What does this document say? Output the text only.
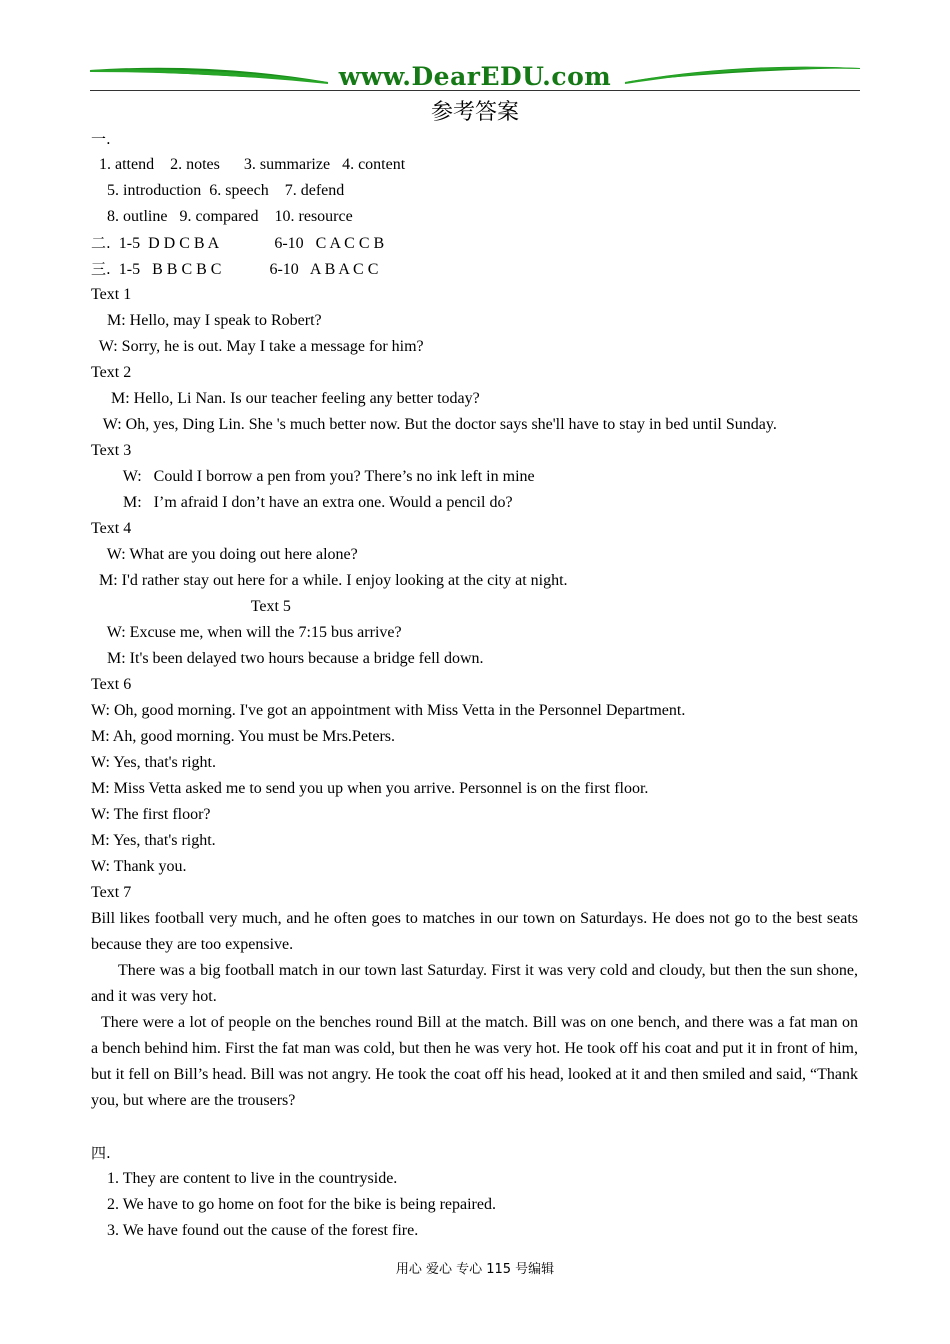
www.DearEDU.com
参考答案
一.
1. attend    2. notes      3. summarize   4. content
5. introduction  6. speech    7. defend
8. outline   9. compared    10. resource
二.  1-5  D D C B A              6-10   C A C C B
三.  1-5   B B C B C            6-10   A B A C C
Text 1
M: Hello, may I speak to Robert?
W: Sorry, he is out. May I take a message for him?
Text 2
M: Hello, Li Nan. Is our teacher feeling any better today?
W: Oh, yes, Ding Lin. She 's much better now. But the doctor says she'll have to stay in bed until Sunday.
Text 3
W:   Could I borrow a pen from you? There’s no ink left in mine
M:   I’m afraid I don’t have an extra one. Would a pencil do?
Text 4
W: What are you doing out here alone?
M: I'd rather stay out here for a while. I enjoy looking at the city at night.
Text 5
W: Excuse me, when will the 7:15 bus arrive?
M: It's been delayed two hours because a bridge fell down.
Text 6
W: Oh, good morning. I've got an appointment with Miss Vetta in the Personnel Department.
M: Ah, good morning. You must be Mrs.Peters.
W: Yes, that's right.
M: Miss Vetta asked me to send you up when you arrive. Personnel is on the first floor.
W: The first floor?
M: Yes, that's right.
W: Thank you.
Text 7
Bill likes football very much, and he often goes to matches in our town on Saturdays. He does not go to the best seats because they are too expensive.
There was a big football match in our town last Saturday. First it was very cold and cloudy, but then the sun shone, and it was very hot.
There were a lot of people on the benches round Bill at the match. Bill was on one bench, and there was a fat man on a bench behind him. First the fat man was cold, but then he was very hot. He took off his coat and put it in front of him, but it fell on Bill’s head. Bill was not angry. He took the coat off his head, looked at it and then smiled and said, “Thank you, but where are the trousers?
四.
1. They are content to live in the countryside.
2. We have to go home on foot for the bike is being repaired.
3. We have found out the cause of the forest fire.
用心 爱心 专心 115 号编辑
